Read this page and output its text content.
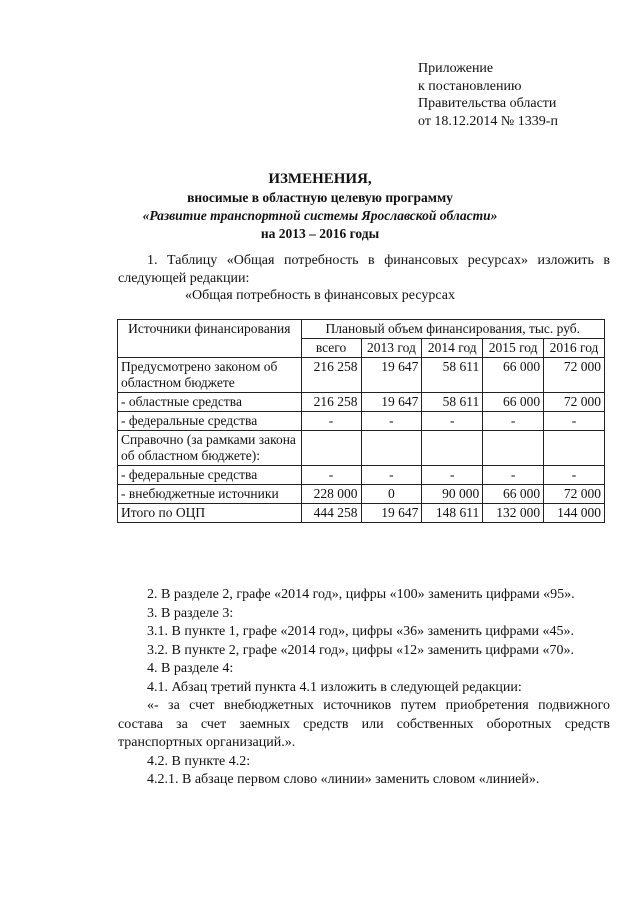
Приложение
к постановлению
Правительства области
от 18.12.2014 № 1339-п
ИЗМЕНЕНИЯ,
вносимые в областную целевую программу
«Развитие транспортной системы Ярославской области»
на 2013 – 2016 годы
1. Таблицу «Общая потребность в финансовых ресурсах» изложить в следующей редакции:
«Общая потребность в финансовых ресурсах
Источники финансирования	Плановый объем финансирования, тыс. руб.				
	всего	2013 год	2014 год	2015 год	2016 год
Предусмотрено законом об областном бюджете	216 258	19 647	58 611	66 000	72 000
- областные средства	216 258	19 647	58 611	66 000	72 000
- федеральные средства	-	-	-	-	-
Справочно (за рамками закона об областном бюджете):					
- федеральные средства	-	-	-	-	-
- внебюджетные источники	228 000	0	90 000	66 000	72 000
Итого по ОЦП	444 258	19 647	148 611	132 000	144 000
2. В разделе 2, графе «2014 год», цифры «100» заменить цифрами «95».
3. В разделе 3:
3.1. В пункте 1, графе «2014 год», цифры «36» заменить цифрами «45».
3.2. В пункте 2, графе «2014 год», цифры «12» заменить цифрами «70».
4. В разделе 4:
4.1. Абзац третий пункта 4.1 изложить в следующей редакции:
«- за счет внебюджетных источников путем приобретения подвижного состава за счет заемных средств или собственных оборотных средств транспортных организаций.».
4.2. В пункте 4.2:
4.2.1. В абзаце первом слово «линии» заменить словом «линией».
